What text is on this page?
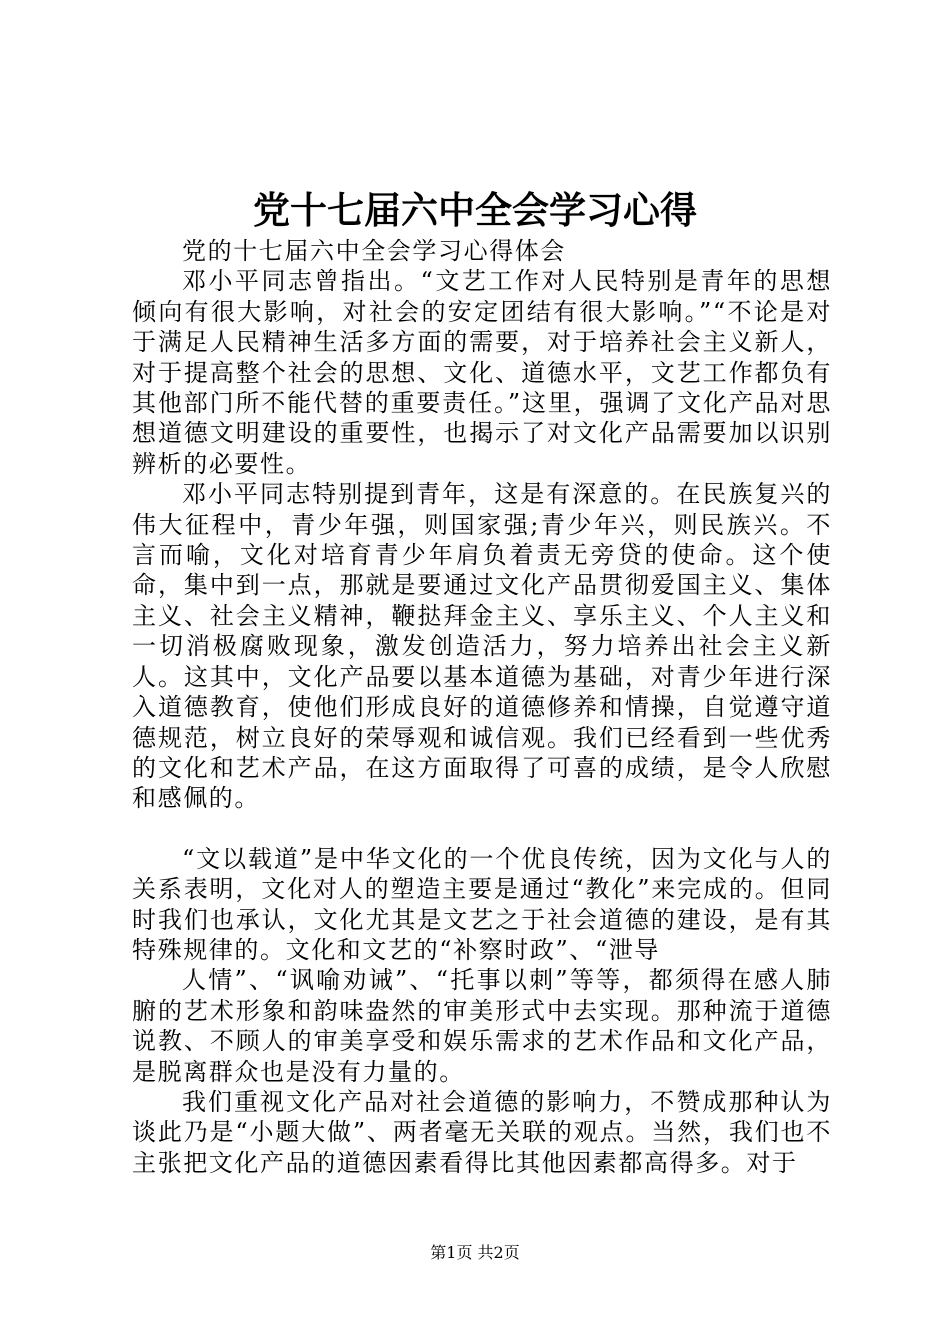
党十七届六中全会学习心得

党的十七届六中全会学习心得体会

邓小平同志曾指出。“文艺工作对人民特别是青年的思想倾向有很大影响，对社会的安定团结有很大影响。”“不论是对于满足人民精神生活多方面的需要，对于培养社会主义新人，对于提高整个社会的思想、文化、道德水平，文艺工作都负有其他部门所不能代替的重要责任。”这里，强调了文化产品对思想道德文明建设的重要性，也揭示了对文化产品需要加以识别辨析的必要性。

邓小平同志特别提到青年，这是有深意的。在民族复兴的伟大征程中，青少年强，则国家强;青少年兴，则民族兴。不言而喻，文化对培育青少年肩负着责无旁贷的使命。这个使命，集中到一点，那就是要通过文化产品贯彻爱国主义、集体主义、社会主义精神，鞭挞拜金主义、享乐主义、个人主义和一切消极腐败现象，激发创造活力，努力培养出社会主义新人。这其中，文化产品要以基本道德为基础，对青少年进行深入道德教育，使他们形成良好的道德修养和情操，自觉遵守道德规范，树立良好的荣辱观和诚信观。我们已经看到一些优秀的文化和艺术产品，在这方面取得了可喜的成绩，是令人欣慰和感佩的。

“文以载道”是中华文化的一个优良传统，因为文化与人的关系表明，文化对人的塑造主要是通过“教化”来完成的。但同时我们也承认，文化尤其是文艺之于社会道德的建设，是有其特殊规律的。文化和文艺的“补察时政”、“泄导

人情”、“讽喻劝诫”、“托事以刺”等等，都须得在感人肺腑的艺术形象和韵味盎然的审美形式中去实现。那种流于道德说教、不顾人的审美享受和娱乐需求的艺术作品和文化产品，是脱离群众也是没有力量的。

我们重视文化产品对社会道德的影响力，不赞成那种认为谈此乃是“小题大做”、两者毫无关联的观点。当然，我们也不主张把文化产品的道德因素看得比其他因素都高得多。对于

第1页 共2页
